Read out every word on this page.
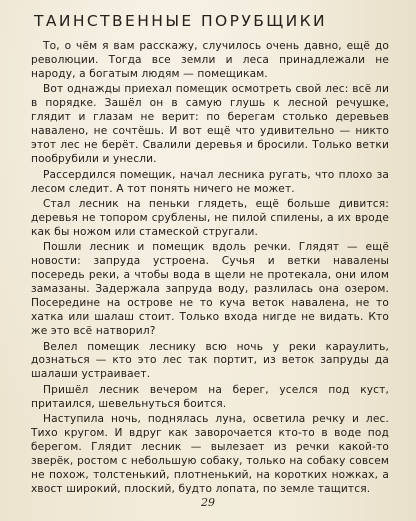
ТАИНСТВЕННЫЕ ПОРУБЩИКИ

То, о чём я вам расскажу, случилось очень давно, ещё до революции. Тогда все земли и леса принадлежали не народу, а богатым людям — помещикам.

Вот однажды приехал помещик осмотреть свой лес: всё ли в порядке. Зашёл он в самую глушь к лесной речушке, глядит и глазам не верит: по берегам столько деревьев навалено, не сочтёшь. И вот ещё что удивительно — никто этот лес не берёт. Свалили деревья и бросили. Только ветки пообрубили и унесли.

Рассердился помещик, начал лесника ругать, что плохо за лесом следит. А тот понять ничего не может.

Стал лесник на пеньки глядеть, ещё больше дивится: деревья не топором срублены, не пилой спилены, а их вроде как бы ножом или стамеской стругали.

Пошли лесник и помещик вдоль речки. Глядят — ещё новости: запруда устроена. Сучья и ветки навалены посередь реки, а чтобы вода в щели не протекала, они илом замазаны. Задержала запруда воду, разлилась она озером. Посередине на острове не то куча веток навалена, не то хатка или шалаш стоит. Только входа нигде не видать. Кто же это всё натворил?

Велел помещик леснику всю ночь у реки караулить, дознаться — кто это лес так портит, из веток запруды да шалаши устраивает.

Пришёл лесник вечером на берег, уселся под куст, притаился, шевельнуться боится.

Наступила ночь, поднялась луна, осветила речку и лес. Тихо кругом. И вдруг как заворочается кто-то в воде под берегом. Глядит лесник — вылезает из речки какой-то зверёк, ростом с небольшую собаку, только на собаку совсем не похож, толстенький, плотненький, на коротких ножках, а хвост широкий, плоский, будто лопата, по земле тащится.

29
